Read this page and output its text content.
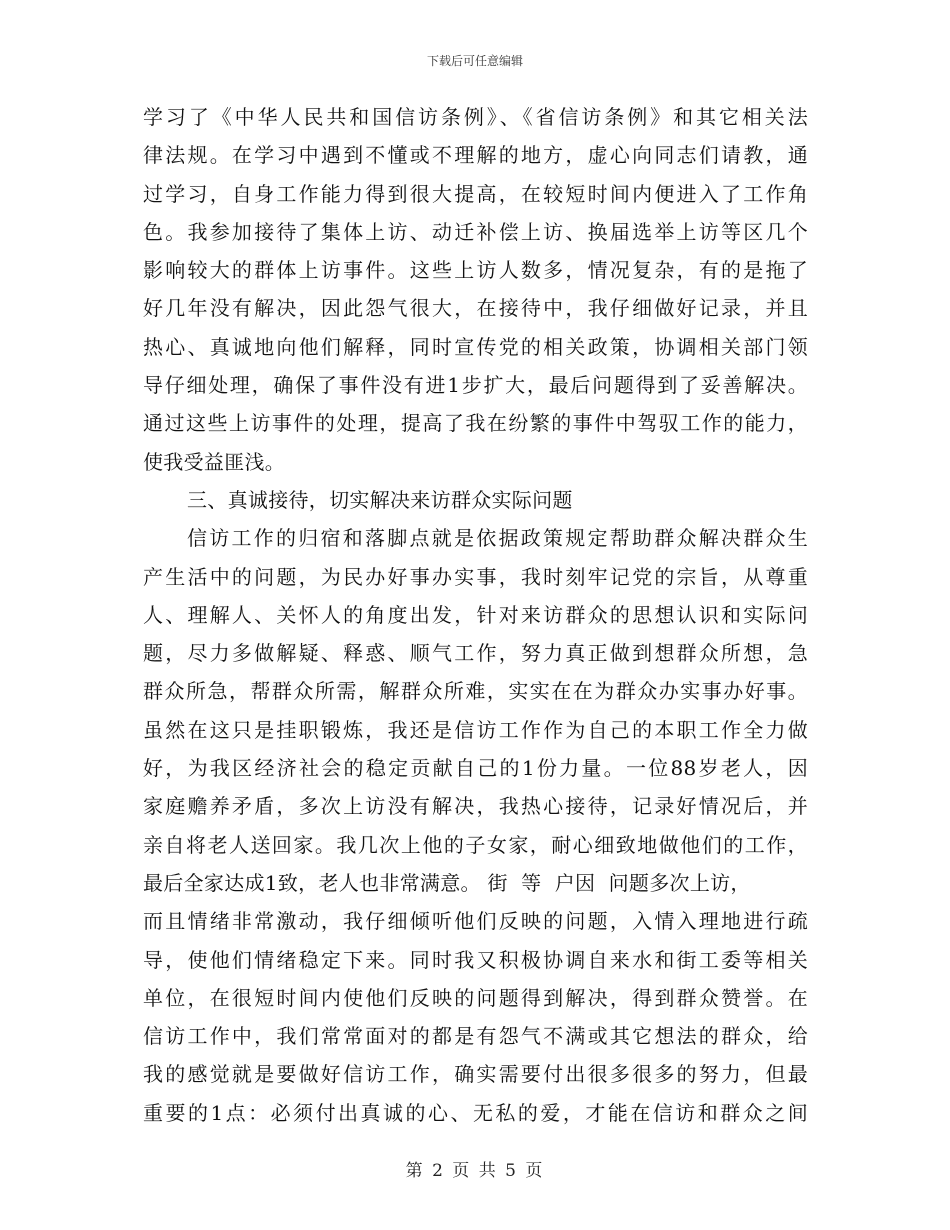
下载后可任意编辑
学习了《中华人民共和国信访条例》、《省信访条例》和其它相关法
律法规。在学习中遇到不懂或不理解的地方，虚心向同志们请教，通
过学习，自身工作能力得到很大提高，在较短时间内便进入了工作角
色。我参加接待了集体上访、动迁补偿上访、换届选举上访等区几个
影响较大的群体上访事件。这些上访人数多，情况复杂，有的是拖了
好几年没有解决，因此怨气很大，在接待中，我仔细做好记录，并且
热心、真诚地向他们解释，同时宣传党的相关政策，协调相关部门领
导仔细处理，确保了事件没有进1步扩大，最后问题得到了妥善解决。
通过这些上访事件的处理，提高了我在纷繁的事件中驾驭工作的能力，
使我受益匪浅。
三、真诚接待，切实解决来访群众实际问题
信访工作的归宿和落脚点就是依据政策规定帮助群众解决群众生
产生活中的问题，为民办好事办实事，我时刻牢记党的宗旨，从尊重
人、理解人、关怀人的角度出发，针对来访群众的思想认识和实际问
题，尽力多做解疑、释惑、顺气工作，努力真正做到想群众所想，急
群众所急，帮群众所需，解群众所难，实实在在为群众办实事办好事。
虽然在这只是挂职锻炼，我还是信访工作作为自己的本职工作全力做
好，为我区经济社会的稳定贡献自己的1份力量。一位88岁老人，因
家庭赡养矛盾，多次上访没有解决，我热心接待，记录好情况后，并
亲自将老人送回家。我几次上他的子女家，耐心细致地做他们的工作，
最后全家达成1致，老人也非常满意。 街  等  户因  问题多次上访，
而且情绪非常激动，我仔细倾听他们反映的问题，入情入理地进行疏
导，使他们情绪稳定下来。同时我又积极协调自来水和街工委等相关
单位，在很短时间内使他们反映的问题得到解决，得到群众赞誉。在
信访工作中，我们常常面对的都是有怨气不满或其它想法的群众，给
我的感觉就是要做好信访工作，确实需要付出很多很多的努力，但最
重要的1点：必须付出真诚的心、无私的爱，才能在信访和群众之间
第 2 页 共 5 页
